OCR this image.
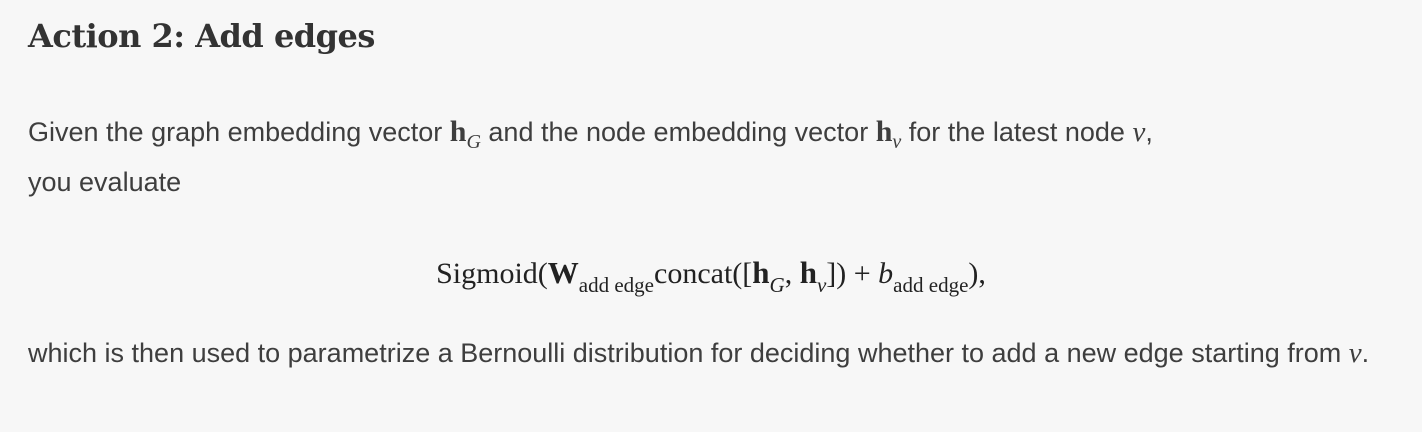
Action 2: Add edges

Given the graph embedding vector $h_G$ and the node embedding vector $h_v$ for the latest node v,
you evaluate

$Sigmoid(W_{add edge}concat([h_G$, $h_v]) + b_{add edge}$),

which is then used to parametrize a Bernoulli distribution for deciding whether to add a new edge starting from v.
